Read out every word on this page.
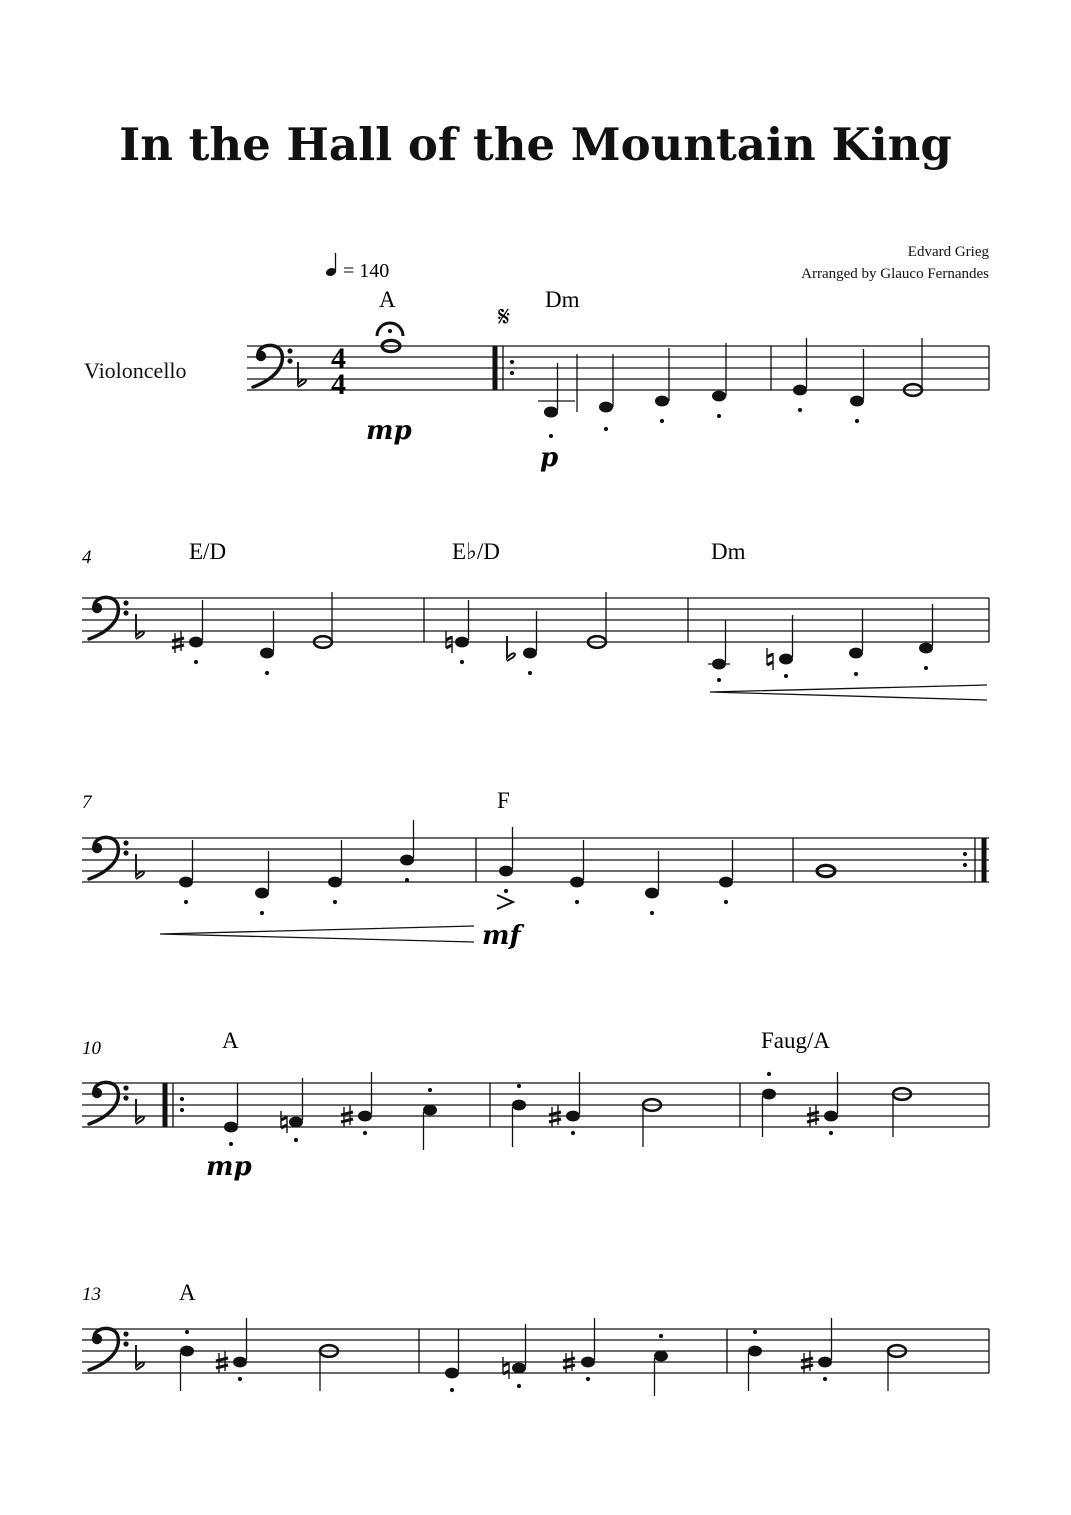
In the Hall of the Mountain King
Edvard Grieg
Arranged by Glauco Fernandes
Violoncello	4
4
= 140
A
mp
𝄋
Dm
p
4	E/D	E♭/D	Dm
7	F
mf
10	A
mp
Faug/A
13	A
